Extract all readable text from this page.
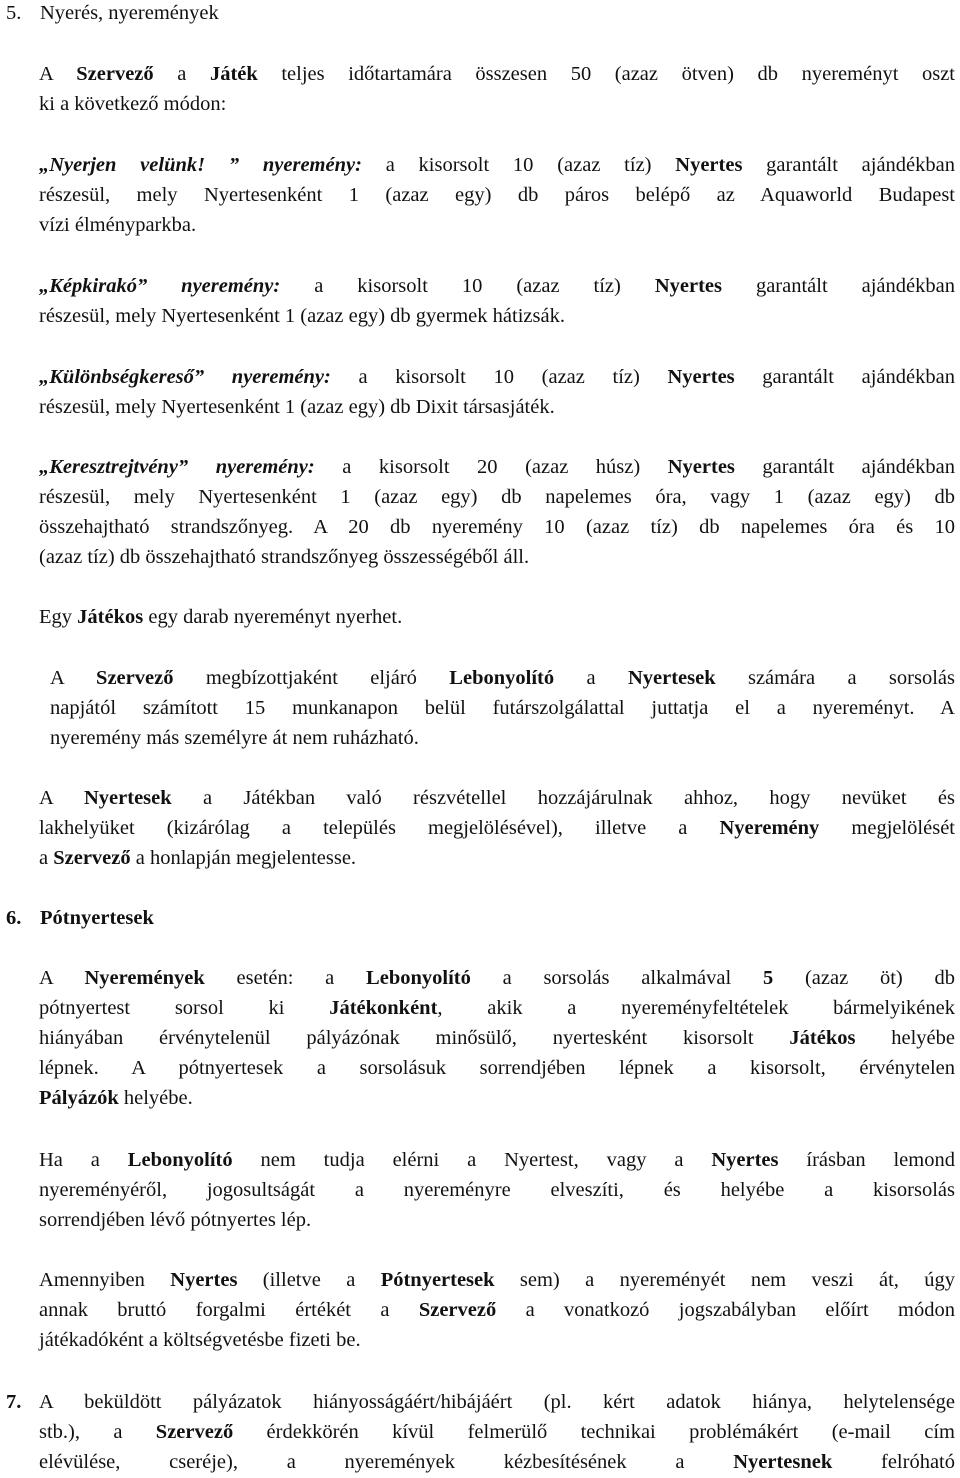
5. Nyerés, nyeremények
A Szervező a Játék teljes időtartamára összesen 50 (azaz ötven) db nyereményt oszt
ki a következő módon:
„Nyerjen velünk! ” nyeremény: a kisorsolt 10 (azaz tíz) Nyertes garantált ajándékban
részesül, mely Nyertesenként 1 (azaz egy) db páros belépő az Aquaworld Budapest
vízi élményparkba.
„Képkirakó” nyeremény: a kisorsolt 10 (azaz tíz) Nyertes garantált ajándékban
részesül, mely Nyertesenként 1 (azaz egy) db gyermek hátizsák.
„Különbségkereső” nyeremény: a kisorsolt 10 (azaz tíz) Nyertes garantált ajándékban
részesül, mely Nyertesenként 1 (azaz egy) db Dixit társasjáték.
„Keresztrejtvény” nyeremény: a kisorsolt 20 (azaz húsz) Nyertes garantált ajándékban
részesül, mely Nyertesenként 1 (azaz egy) db napelemes óra, vagy 1 (azaz egy) db
összehajtható strandszőnyeg. A 20 db nyeremény 10 (azaz tíz) db napelemes óra és 10
(azaz tíz) db összehajtható strandszőnyeg összességéből áll.
Egy Játékos egy darab nyereményt nyerhet.
A Szervező megbízottjaként eljáró Lebonyolító a Nyertesek számára a sorsolás
napjától számított 15 munkanapon belül futárszolgálattal juttatja el a nyereményt. A
nyeremény más személyre át nem ruházható.
A Nyertesek a Játékban való részvétellel hozzájárulnak ahhoz, hogy nevüket és
lakhelyüket (kizárólag a település megjelölésével), illetve a Nyeremény megjelölését
a Szervező a honlapján megjelentesse.
6. Pótnyertesek
A Nyeremények esetén: a Lebonyolító a sorsolás alkalmával 5 (azaz öt) db
pótnyertest sorsol ki Játékonként, akik a nyereményfeltételek bármelyikének
hiányában érvénytelenül pályázónak minősülő, nyertesként kisorsolt Játékos helyébe
lépnek. A pótnyertesek a sorsolásuk sorrendjében lépnek a kisorsolt, érvénytelen
Pályázók helyébe.
Ha a Lebonyolító nem tudja elérni a Nyertest, vagy a Nyertes írásban lemond
nyereményéről, jogosultságát a nyereményre elveszíti, és helyébe a kisorsolás
sorrendjében lévő pótnyertes lép.
Amennyiben Nyertes (illetve a Pótnyertesek sem) a nyereményét nem veszi át, úgy
annak bruttó forgalmi értékét a Szervező a vonatkozó jogszabályban előírt módon
játékadóként a költségvetésbe fizeti be.
7. A beküldött pályázatok hiányosságáért/hibájáért (pl. kért adatok hiánya, helytelensége
stb.), a Szervező érdekkörén kívül felmerülő technikai problémákért (e-mail cím
elévülése, cseréje), a nyeremények kézbesítésének a Nyertesnek felróható
